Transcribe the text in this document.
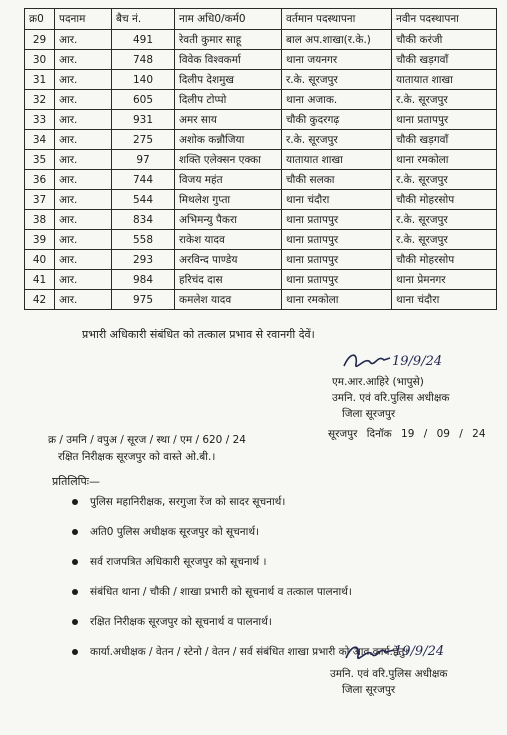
क्र0	पदनाम	बैच नं.	नाम अधि0/कर्म0	वर्तमान पदस्थापना	नवीन पदस्थापना
29	आर.	491	रेवती कुमार साहू	बाल अप.शाखा(र.के.)	चौकी करंजी
30	आर.	748	विवेक विश्वकर्मा	थाना जयनगर	चौकी खड़गवॉं
31	आर.	140	दिलीप देशमुख	र.के. सूरजपुर	यातायात शाखा
32	आर.	605	दिलीप टोप्पो	थाना अजाक.	र.के. सूरजपुर
33	आर.	931	अमर साय	चौकी कुदरगढ़	थाना प्रतापपुर
34	आर.	275	अशोक कन्नौजिया	र.के. सूरजपुर	चौकी खड़गवॉं
35	आर.	97	शक्ति एलेक्सन एक्का	यातायात शाखा	थाना रमकोला
36	आर.	744	विजय महंत	चौकी सलका	र.के. सूरजपुर
37	आर.	544	मिथलेश गुप्ता	थाना चंदौरा	चौकी मोहरसोप
38	आर.	834	अभिमन्यु पैकरा	थाना प्रतापपुर	र.के. सूरजपुर
39	आर.	558	राकेश यादव	थाना प्रतापपुर	र.के. सूरजपुर
40	आर.	293	अरविन्द पाण्डेय	थाना प्रतापपुर	चौकी मोहरसोप
41	आर.	984	हरिचंद दास	थाना प्रतापपुर	थाना प्रेमनगर
42	आर.	975	कमलेश यादव	थाना रमकोला	थाना चंदौरा
प्रभारी अधिकारी संबंधित को तत्काल प्रभाव से रवानगी देवें।
19/9/24
एम.आर.आहिरे (भापुसे)
उमनि. एवं वरि.पुलिस अधीक्षक
जिला सूरजपुर
सूरजपुर दिनॉक 19 / 09 / 24
क्र / उमनि / वपुअ / सूरज / स्था / एम / 620 / 24
रक्षित निरीक्षक सूरजपुर को वास्ते ओ.बी.।
प्रतिलिपिः—
पुलिस महानिरीक्षक, सरगुजा रेंज को सादर सूचनार्थ।
अति0 पुलिस अधीक्षक सूरजपुर को सूचनार्थ।
सर्व राजपत्रित अधिकारी सूरजपुर को सूचनार्थ ।
संबंधित थाना / चौकी / शाखा प्रभारी को सूचनार्थ व तत्काल पालनार्थ।
रक्षित निरीक्षक सूरजपुर को सूचनार्थ व पालनार्थ।
कार्या.अधीक्षक / वेतन / स्टेनो / वेतन / सर्व संबंधित शाखा प्रभारी को आव.कार्य.हेतु।
19/9/24
उमनि. एवं वरि.पुलिस अधीक्षक
जिला सूरजपुर
